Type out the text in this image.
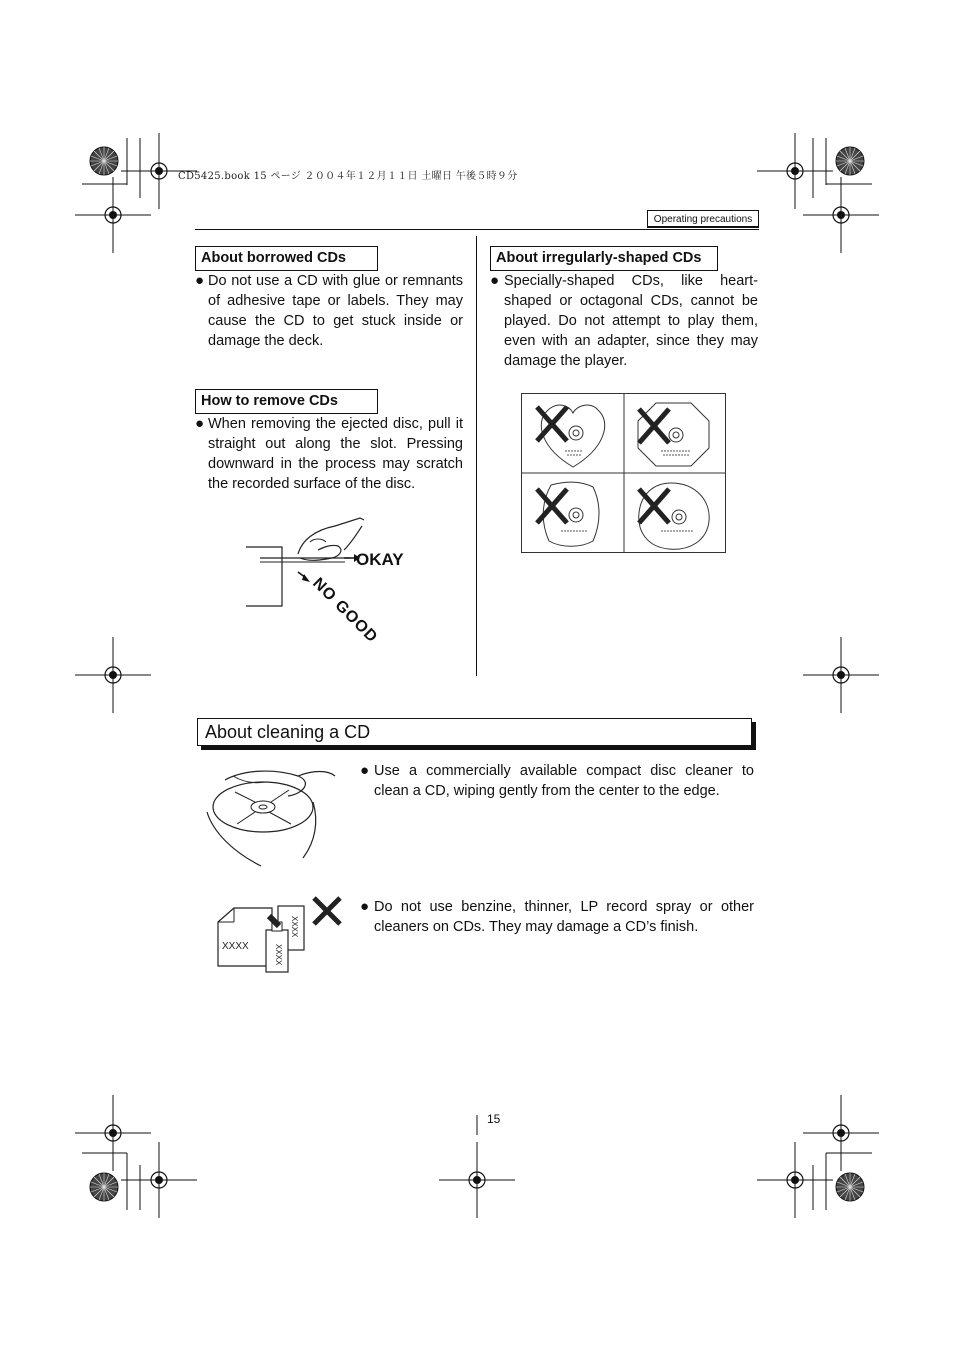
CD5425.book 15 ページ ２００４年１２月１１日 土曜日 午後５時９分
Operating precautions
About borrowed CDs
● Do not use a CD with glue or remnants of adhesive tape or labels. They may cause the CD to get stuck inside or damage the deck.
How to remove CDs
● When removing the ejected disc, pull it straight out along the slot. Pressing downward in the process may scratch the recorded surface of the disc.
OKAY
NO GOOD
About irregularly-shaped CDs
● Specially-shaped CDs, like heart-shaped or octagonal CDs, cannot be played. Do not attempt to play them, even with an adapter, since they may damage the player.
About cleaning a CD
● Use a commercially available compact disc cleaner to clean a CD, wiping gently from the center to the edge.
XXXX	XXXX
XXXX
● Do not use benzine, thinner, LP record spray or other cleaners on CDs. They may damage a CD’s finish.
15
